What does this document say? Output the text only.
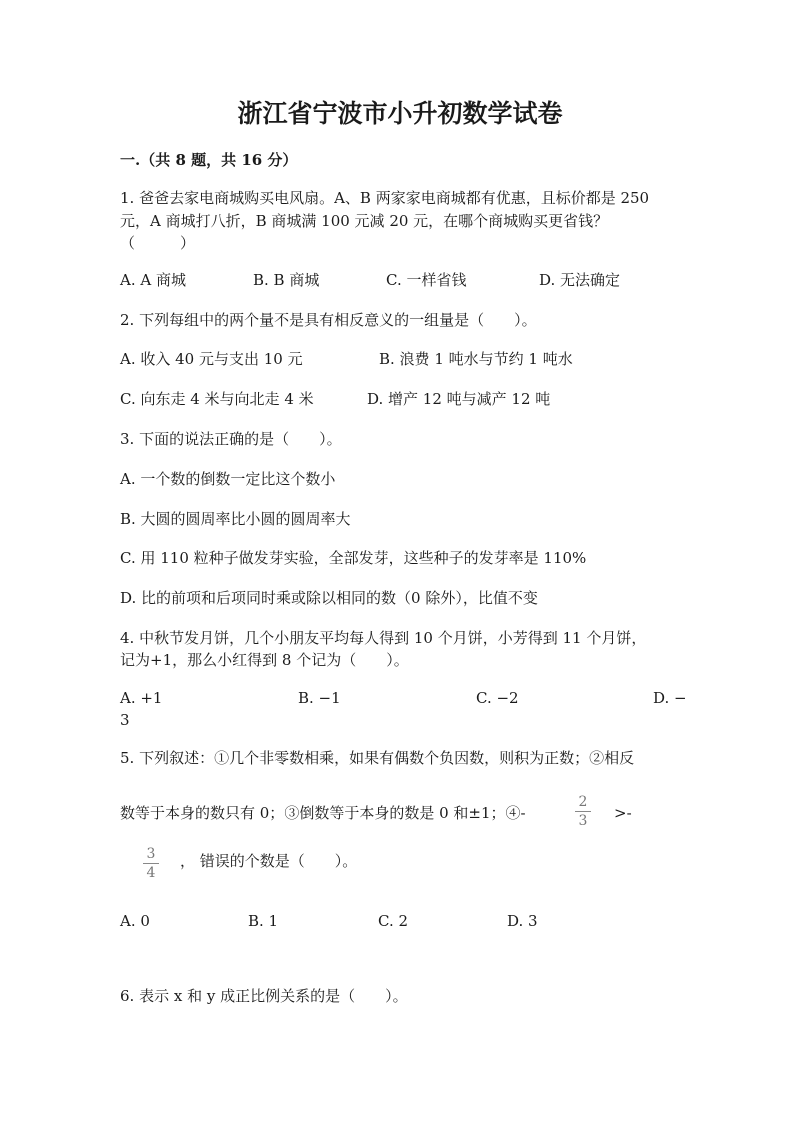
浙江省宁波市小升初数学试卷
一.（共 8 题，共 16 分）
1. 爸爸去家电商城购买电风扇。A、B 两家家电商城都有优惠，且标价都是 250
元，A 商城打八折，B 商城满 100 元减 20 元，在哪个商城购买更省钱？
（　　　）
A. A 商城	B. B 商城	C. 一样省钱	D. 无法确定
2. 下列每组中的两个量不是具有相反意义的一组量是（　　）。
A. 收入 40 元与支出 10 元	B. 浪费 1 吨水与节约 1 吨水
C. 向东走 4 米与向北走 4 米	D. 增产 12 吨与减产 12 吨
3. 下面的说法正确的是（　　）。
A. 一个数的倒数一定比这个数小
B. 大圆的圆周率比小圆的圆周率大
C. 用 110 粒种子做发芽实验，全部发芽，这些种子的发芽率是 110%
D. 比的前项和后项同时乘或除以相同的数（0 除外），比值不变
4. 中秋节发月饼，几个小朋友平均每人得到 10 个月饼，小芳得到 11 个月饼，
记为+1，那么小红得到 8 个记为（　　）。
A. +1	B. −1	C. −2	D. −
3
5. 下列叙述：①几个非零数相乘，如果有偶数个负因数，则积为正数；②相反
数等于本身的数只有 0；③倒数等于本身的数是 0 和±1；④-
2
3	>-
3
4
， 错误的个数是（　　）。
A. 0	B. 1	C. 2	D. 3
6. 表示 x 和 y 成正比例关系的是（　　）。
